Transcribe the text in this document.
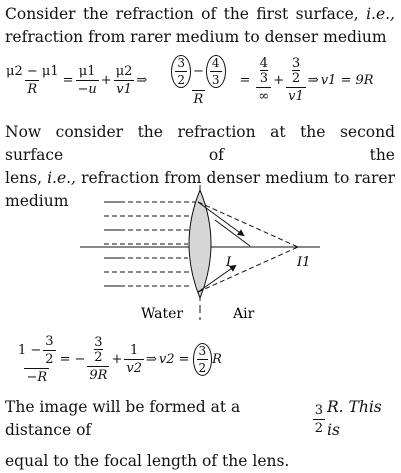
Consider the refraction of the first surface, i.e.,
refraction from rarer medium to denser medium
$\frac{\mu 2 - \mu 1}{R} = \frac{\mu 1}{-u} + \frac{\mu 2}{v1}$ ⇒ $\frac{\frac{3}{2} - \frac{4}{3}}{R} = 4$
3
∞ + 3
2
v1 ⇒ v1 = 9R
Now consider the refraction at the second surface of the
lens, i.e., refraction from denser medium to rarer
medium
I	I1
Water	Air
$\frac{1 - \frac{3}{2}}{-R}$ = − 3
2
$9R + \frac{1}{v2}$ ⇒ $v2 = \frac{3}{2}$ R
The image will be formed at a distance of	$\frac{3}{2} R$. This is
equal to the focal length of the lens.
